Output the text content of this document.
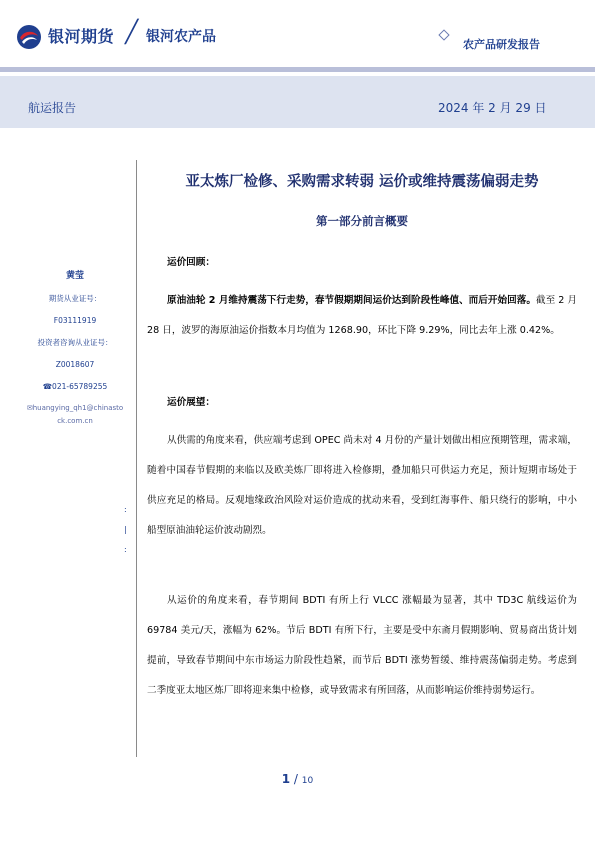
银河期货 ╱ 银河农产品	农产品研发报告
航运报告	2024 年 2 月 29 日
黄莹
期货从业证号：
F03111919
投资者咨询从业证号：
Z0018607
☎021-65789255
✉huangying_qh1@chinastock.com.cn
:
|
:
亚太炼厂检修、采购需求转弱 运价或维持震荡偏弱走势
第一部分前言概要
运价回顾：
原油油轮 2 月维持震荡下行走势，春节假期期间运价达到阶段性峰值、而后开始回落。截至 2 月 28 日，波罗的海原油运价指数本月均值为 1268.90，环比下降 9.29%，同比去年上涨 0.42%。
运价展望：
从供需的角度来看，供应端考虑到 OPEC 尚未对 4 月份的产量计划做出相应预期管理，需求端，随着中国春节假期的来临以及欧美炼厂即将进入检修期，叠加船只可供运力充足，预计短期市场处于供应充足的格局。反观地缘政治风险对运价造成的扰动来看，受到红海事件、船只绕行的影响，中小船型原油油轮运价波动剧烈。
从运价的角度来看，春节期间 BDTI 有所上行 VLCC 涨幅最为显著，其中 TD3C 航线运价为 69784 美元/天，涨幅为 62%。节后 BDTI 有所下行，主要是受中东斋月假期影响、贸易商出货计划提前，导致春节期间中东市场运力阶段性趋紧，而节后 BDTI 涨势暂缓、维持震荡偏弱走势。考虑到二季度亚太地区炼厂即将迎来集中检修，或导致需求有所回落，从而影响运价维持弱势运行。
1 / 10
